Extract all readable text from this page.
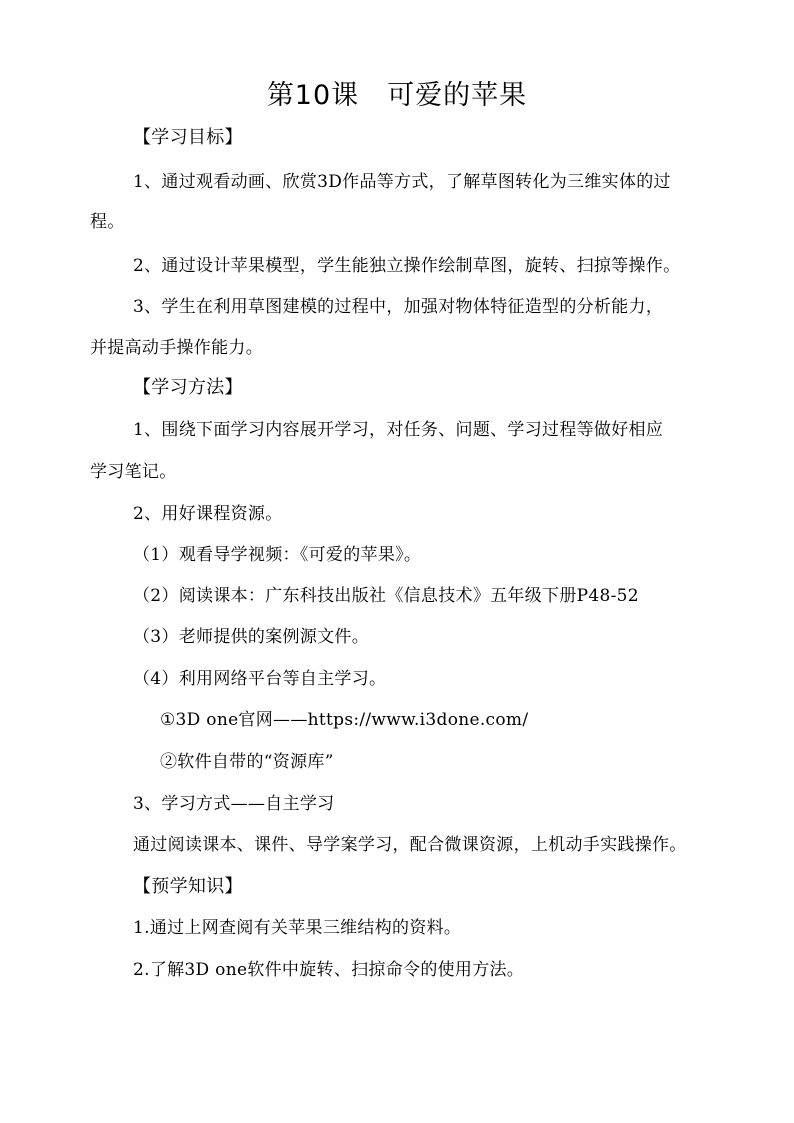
第10课　可爱的苹果
【学习目标】
1、通过观看动画、欣赏3D作品等方式，了解草图转化为三维实体的过
程。
2、通过设计苹果模型，学生能独立操作绘制草图，旋转、扫掠等操作。
3、学生在利用草图建模的过程中，加强对物体特征造型的分析能力，
并提高动手操作能力。
【学习方法】
1、围绕下面学习内容展开学习，对任务、问题、学习过程等做好相应
学习笔记。
2、用好课程资源。
（1）观看导学视频：《可爱的苹果》。
（2）阅读课本：广东科技出版社《信息技术》五年级下册P48-52
（3）老师提供的案例源文件。
（4）利用网络平台等自主学习。
①3D one官网——https://www.i3done.com/
②软件自带的“资源库”
3、学习方式——自主学习
通过阅读课本、课件、导学案学习，配合微课资源，上机动手实践操作。
【预学知识】
1.通过上网查阅有关苹果三维结构的资料。
2.了解3D one软件中旋转、扫掠命令的使用方法。
